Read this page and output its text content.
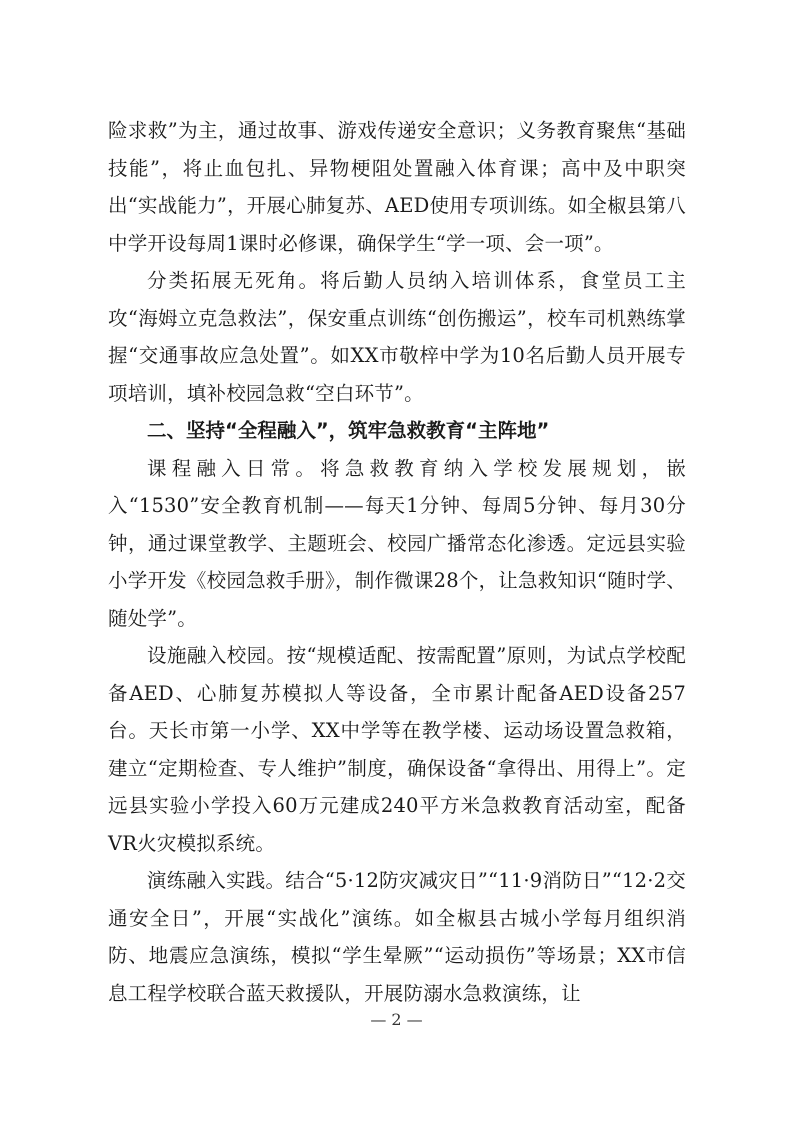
险求救”为主，通过故事、游戏传递安全意识；义务教育聚焦“基础技能”，将止血包扎、异物梗阻处置融入体育课；高中及中职突出“实战能力”，开展心肺复苏、AED使用专项训练。如全椒县第八中学开设每周1课时必修课，确保学生“学一项、会一项”。

分类拓展无死角。将后勤人员纳入培训体系，食堂员工主攻“海姆立克急救法”，保安重点训练“创伤搬运”，校车司机熟练掌握“交通事故应急处置”。如XX市敬梓中学为10名后勤人员开展专项培训，填补校园急救“空白环节”。

二、坚持“全程融入”，筑牢急救教育“主阵地”

课程融入日常。将急救教育纳入学校发展规划，嵌入“1530”安全教育机制——每天1分钟、每周5分钟、每月30分钟，通过课堂教学、主题班会、校园广播常态化渗透。定远县实验小学开发《校园急救手册》，制作微课28个，让急救知识“随时学、随处学”。

设施融入校园。按“规模适配、按需配置”原则，为试点学校配备AED、心肺复苏模拟人等设备，全市累计配备AED设备257台。天长市第一小学、XX中学等在教学楼、运动场设置急救箱，建立“定期检查、专人维护”制度，确保设备“拿得出、用得上”。定远县实验小学投入60万元建成240平方米急救教育活动室，配备VR火灾模拟系统。

演练融入实践。结合“5·12防灾减灾日”“11·9消防日”“12·2交通安全日”，开展“实战化”演练。如全椒县古城小学每月组织消防、地震应急演练，模拟“学生晕厥”“运动损伤”等场景；XX市信息工程学校联合蓝天救援队，开展防溺水急救演练，让

— 2 —
